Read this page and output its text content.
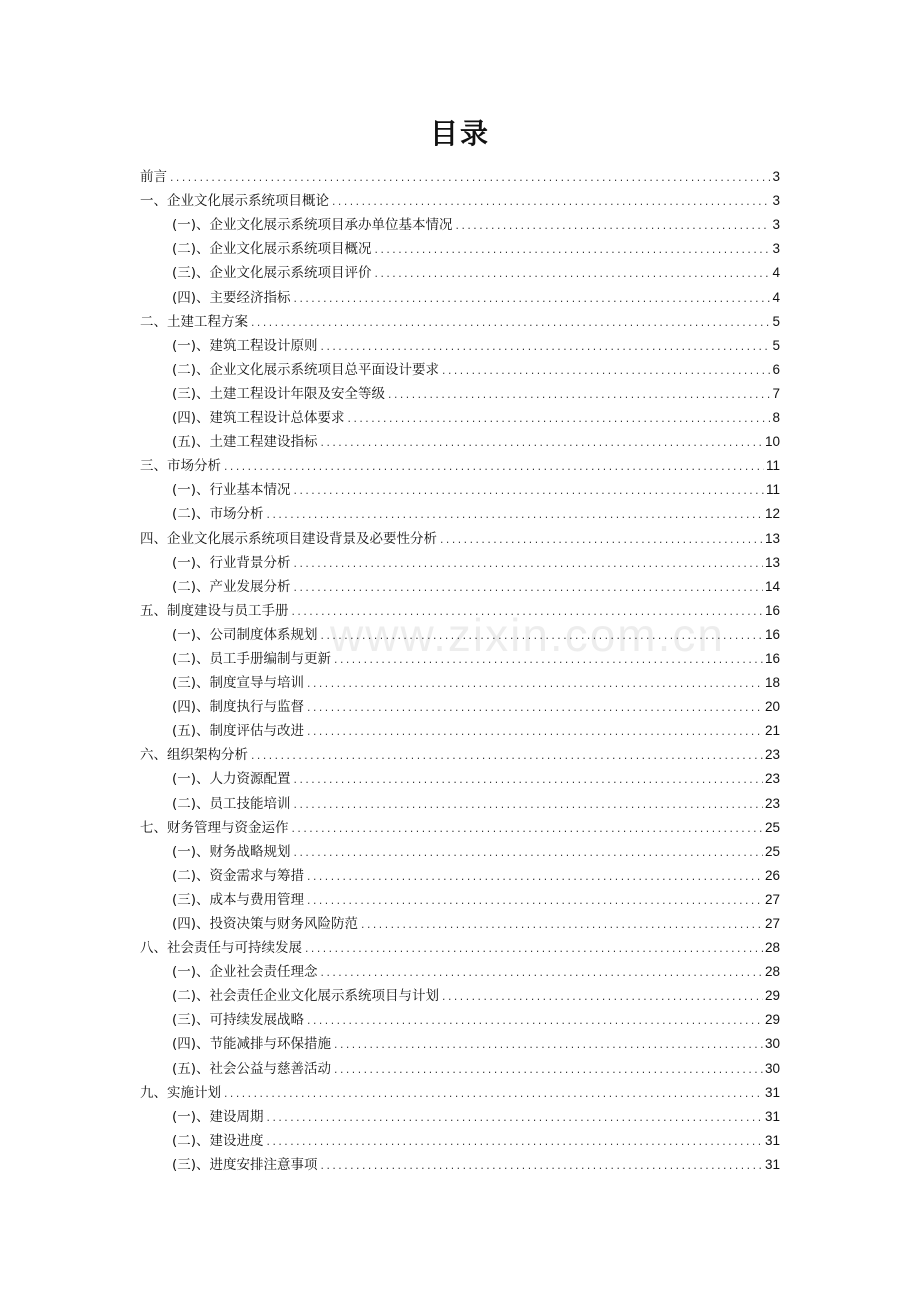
目录
前言 .....	3
一、企业文化展示系统项目概论 .....	3
(一)、企业文化展示系统项目承办单位基本情况 .....	3
(二)、企业文化展示系统项目概况 .....	3
(三)、企业文化展示系统项目评价 .....	4
(四)、主要经济指标 .....	4
二、土建工程方案 .....	5
(一)、建筑工程设计原则 .....	5
(二)、企业文化展示系统项目总平面设计要求 .....	6
(三)、土建工程设计年限及安全等级 .....	7
(四)、建筑工程设计总体要求 .....	8
(五)、土建工程建设指标 .....	10
三、市场分析 .....	11
(一)、行业基本情况 .....	11
(二)、市场分析 .....	12
四、企业文化展示系统项目建设背景及必要性分析 .....	13
(一)、行业背景分析 .....	13
(二)、产业发展分析 .....	14
五、制度建设与员工手册 .....	16
(一)、公司制度体系规划 .....	16
(二)、员工手册编制与更新 .....	16
(三)、制度宣导与培训 .....	18
(四)、制度执行与监督 .....	20
(五)、制度评估与改进 .....	21
六、组织架构分析 .....	23
(一)、人力资源配置 .....	23
(二)、员工技能培训 .....	23
七、财务管理与资金运作 .....	25
(一)、财务战略规划 .....	25
(二)、资金需求与筹措 .....	26
(三)、成本与费用管理 .....	27
(四)、投资决策与财务风险防范 .....	27
八、社会责任与可持续发展 .....	28
(一)、企业社会责任理念 .....	28
(二)、社会责任企业文化展示系统项目与计划 .....	29
(三)、可持续发展战略 .....	29
(四)、节能减排与环保措施 .....	30
(五)、社会公益与慈善活动 .....	30
九、实施计划 .....	31
(一)、建设周期 .....	31
(二)、建设进度 .....	31
(三)、进度安排注意事项 .....	31
www.zixin.com.cn
